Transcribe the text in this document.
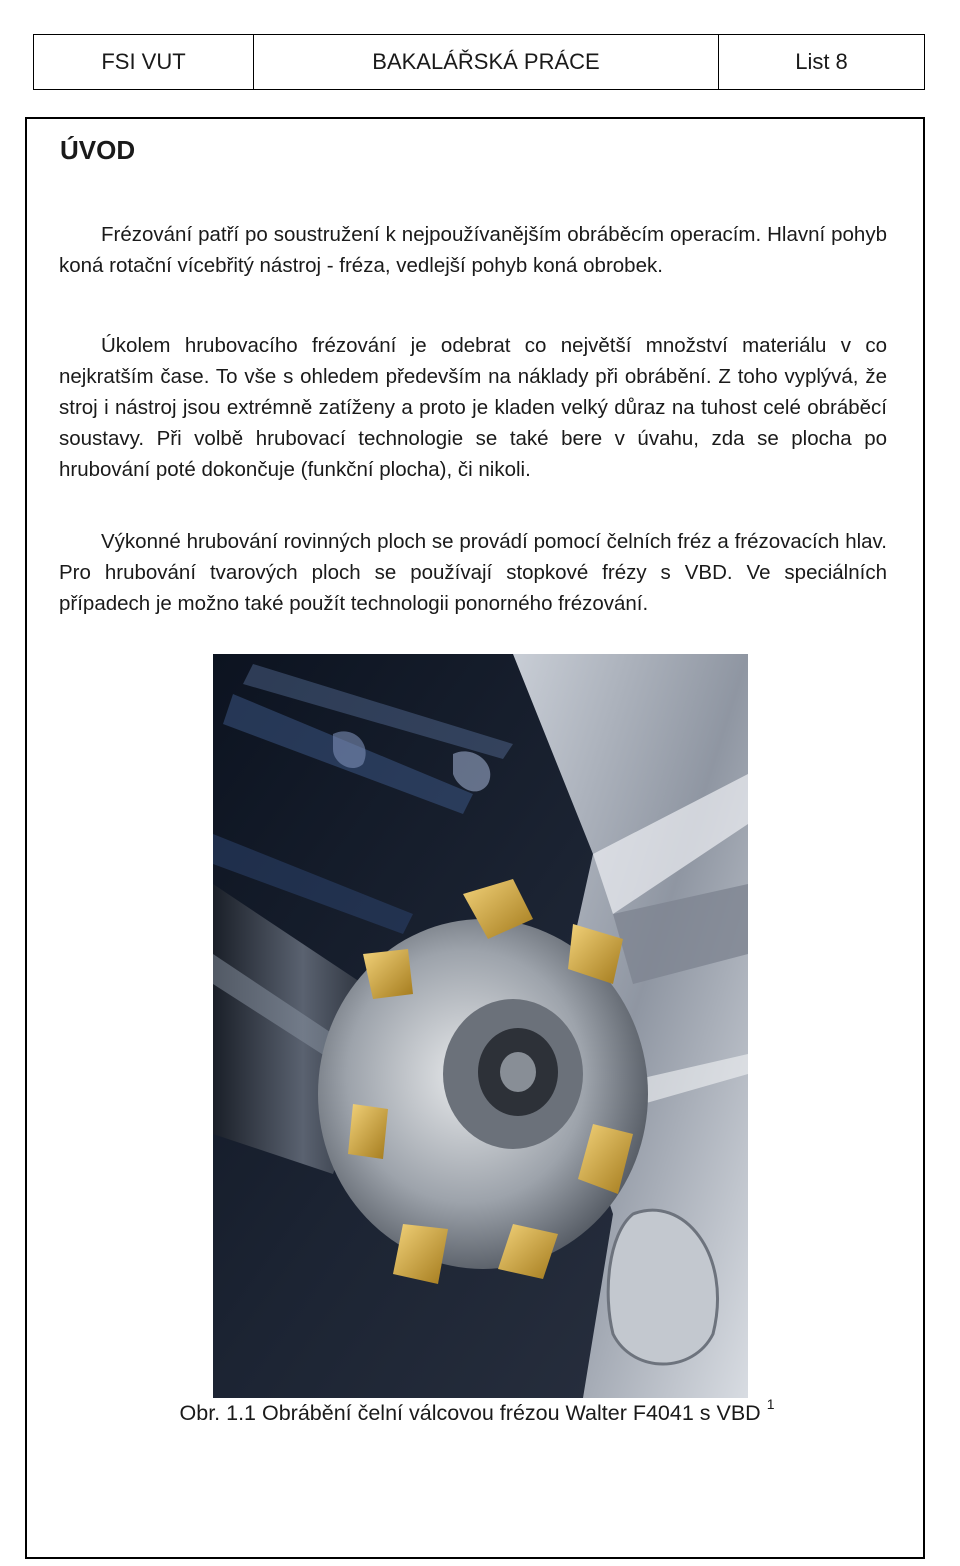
FSI VUT	BAKALÁŘSKÁ PRÁCE	List 8
ÚVOD

Frézování patří po soustružení k nejpoužívanějším obráběcím operacím. Hlavní pohyb koná rotační vícebřitý nástroj - fréza, vedlejší pohyb koná obrobek.

Úkolem hrubovacího frézování je odebrat co největší množství materiálu v co nejkratším čase. To vše s ohledem především na náklady při obrábění. Z toho vyplývá, že stroj i nástroj jsou extrémně zatíženy a proto je kladen velký důraz na tuhost celé obráběcí soustavy. Při volbě hrubovací technologie se také bere v úvahu, zda se plocha po hrubování poté dokončuje (funkční plocha), či nikoli.

Výkonné hrubování rovinných ploch se provádí pomocí čelních fréz a frézovacích hlav. Pro hrubování tvarových ploch se používají stopkové frézy s VBD. Ve speciálních případech je možno také použít technologii ponorného frézování.

Obr. 1.1 Obrábění čelní válcovou frézou Walter F4041 s VBD $^1$
